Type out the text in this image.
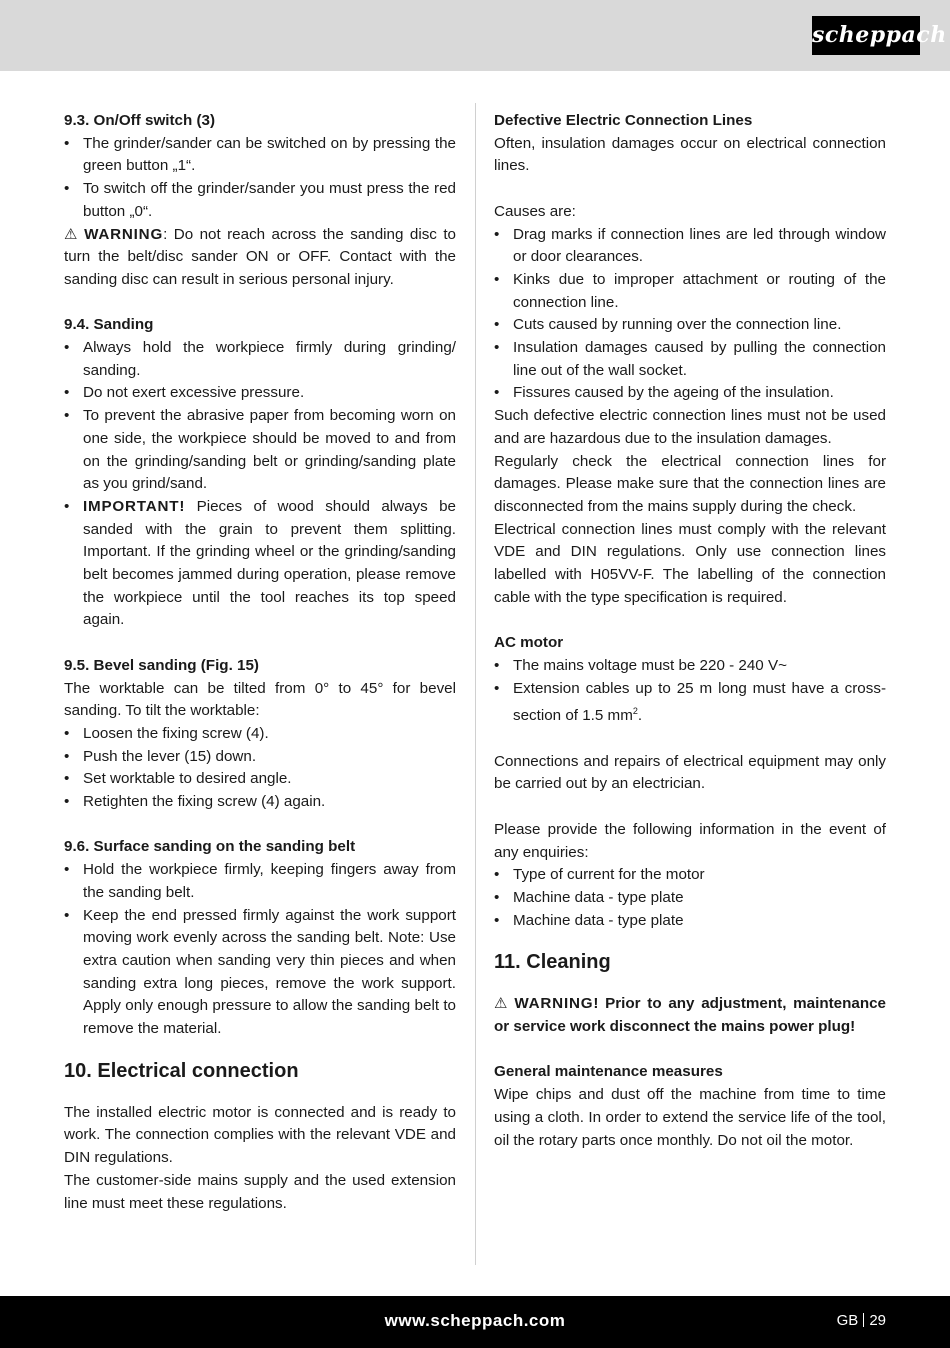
scheppach
9.3. On/Off switch (3)
• The grinder/sander can be switched on by pressing the green button „1“.
• To switch off the grinder/sander you must press the red button „0“.

⚠ WARNING: Do not reach across the sanding disc to turn the belt/disc sander ON or OFF. Contact with the sanding disc can result in serious personal injury.

9.4. Sanding
• Always hold the workpiece firmly during grinding/ sanding.
• Do not exert excessive pressure.
• To prevent the abrasive paper from becoming worn on one side, the workpiece should be moved to and from on the grinding/sanding belt or grinding/sanding plate as you grind/sand.
• IMPORTANT! Pieces of wood should always be sanded with the grain to prevent them splitting. Important. If the grinding wheel or the grinding/sanding belt becomes jammed during operation, please remove the workpiece until the tool reaches its top speed again.
9.5. Bevel sanding (Fig. 15)

The worktable can be tilted from 0° to 45° for bevel sanding. To tilt the worktable:

• Loosen the fixing screw (4).
• Push the lever (15) down.
• Set worktable to desired angle.
• Retighten the fixing screw (4) again.
9.6. Surface sanding on the sanding belt
• Hold the workpiece firmly, keeping fingers away from the sanding belt.
• Keep the end pressed firmly against the work support moving work evenly across the sanding belt. Note: Use extra caution when sanding very thin pieces and when sanding extra long pieces, remove the work support. Apply only enough pressure to allow the sanding belt to remove the material.
10. Electrical connection

The installed electric motor is connected and is ready to work. The connection complies with the relevant VDE and DIN regulations.

The customer-side mains supply and the used extension line must meet these regulations.

Defective Electric Connection Lines

Often, insulation damages occur on electrical connection lines.

Causes are:

• Drag marks if connection lines are led through window or door clearances.
• Kinks due to improper attachment or routing of the connection line.
• Cuts caused by running over the connection line.
• Insulation damages caused by pulling the connection line out of the wall socket.
• Fissures caused by the ageing of the insulation.

Such defective electric connection lines must not be used and are hazardous due to the insulation damages.

Regularly check the electrical connection lines for damages. Please make sure that the connection lines are disconnected from the mains supply during the check.

Electrical connection lines must comply with the relevant VDE and DIN regulations. Only use connection lines labelled with H05VV-F. The labelling of the connection cable with the type specification is required.

AC motor
• The mains voltage must be 220 - 240 V~
• Extension cables up to 25 m long must have a cross-section of 1.5 $mm^2$.

Connections and repairs of electrical equipment may only be carried out by an electrician.

Please provide the following information in the event of any enquiries:

• Type of current for the motor
• Machine data - type plate
• Machine data - type plate
11. Cleaning

⚠ WARNING! Prior to any adjustment, maintenance or service work disconnect the mains power plug!

General maintenance measures

Wipe chips and dust off the machine from time to time using a cloth. In order to extend the service life of the tool, oil the rotary parts once monthly. Do not oil the motor.

www.scheppach.com	GB 29
